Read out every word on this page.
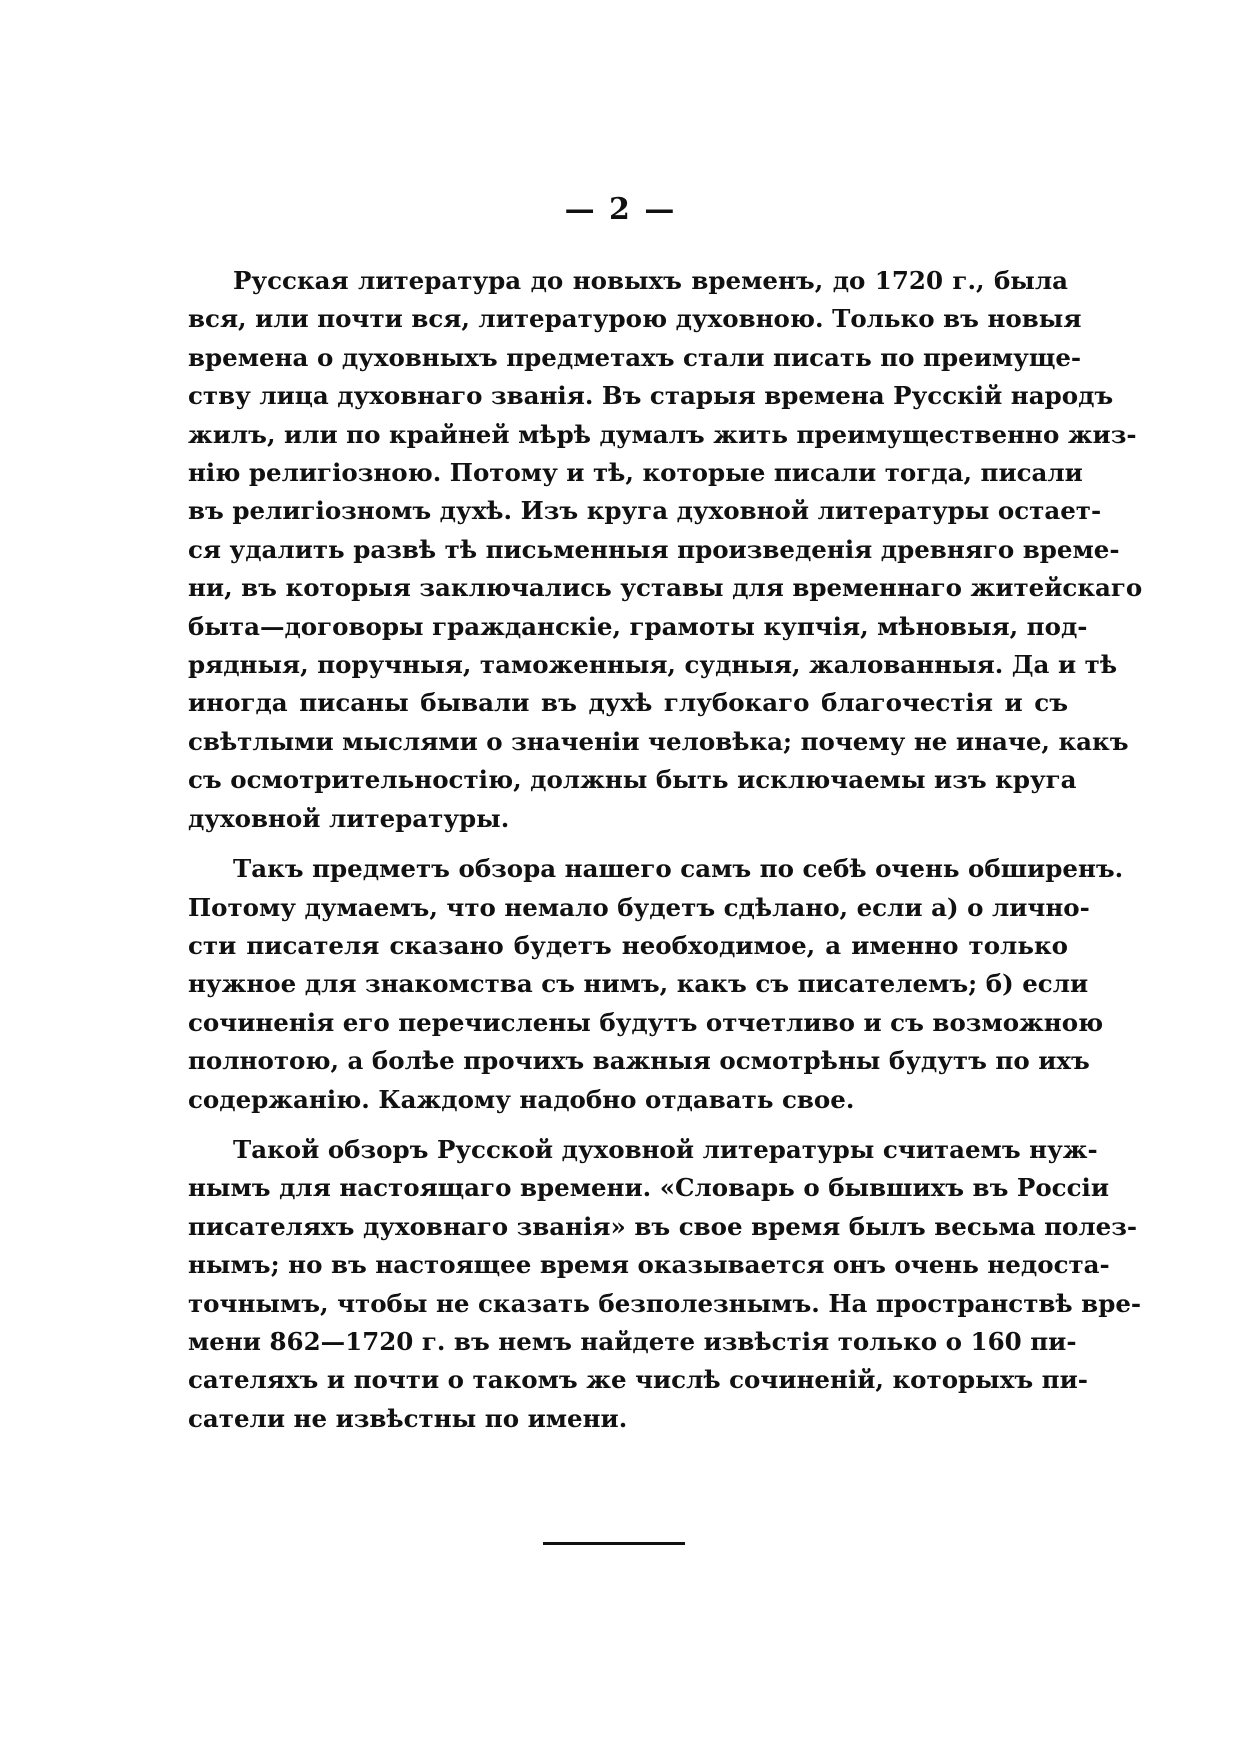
— 2 —
Русская литература до новыхъ временъ, до 1720 г., была
вся, или почти вся, литературою духовною. Только въ новыя
времена о духовныхъ предметахъ стали писать по преимуще-
ству лица духовнаго званія. Въ старыя времена Русскій народъ
жилъ, или по крайней мѣрѣ думалъ жить преимущественно жиз-
нію религіозною. Потому и тѣ, которые писали тогда, писали
въ религіозномъ духѣ. Изъ круга духовной литературы остает-
ся удалить развѣ тѣ письменныя произведенія древняго време-
ни, въ которыя заключались уставы для временнаго житейскаго
быта—договоры гражданскіе, грамоты купчія, мѣновыя, под-
рядныя, поручныя, таможенныя, судныя, жалованныя. Да и тѣ
иногда писаны бывали въ духѣ глубокаго благочестія и съ
свѣтлыми мыслями о значеніи человѣка; почему не иначе, какъ
съ осмотрительностію, должны быть исключаемы изъ круга
духовной литературы.
Такъ предметъ обзора нашего самъ по себѣ очень обширенъ.
Потому думаемъ, что немало будетъ сдѣлано, если а) о лично-
сти писателя сказано будетъ необходимое, а именно только
нужное для знакомства съ нимъ, какъ съ писателемъ; б) если
сочиненія его перечислены будутъ отчетливо и съ возможною
полнотою, а болѣе прочихъ важныя осмотрѣны будутъ по ихъ
содержанію. Каждому надобно отдавать свое.
Такой обзоръ Русской духовной литературы считаемъ нуж-
нымъ для настоящаго времени. «Словарь о бывшихъ въ Россіи
писателяхъ духовнаго званія» въ свое время былъ весьма полез-
нымъ; но въ настоящее время оказывается онъ очень недоста-
точнымъ, чтобы не сказать безполезнымъ. На пространствѣ вре-
мени 862—1720 г. въ немъ найдете извѣстія только о 160 пи-
сателяхъ и почти о такомъ же числѣ сочиненій, которыхъ пи-
сатели не извѣстны по имени.
